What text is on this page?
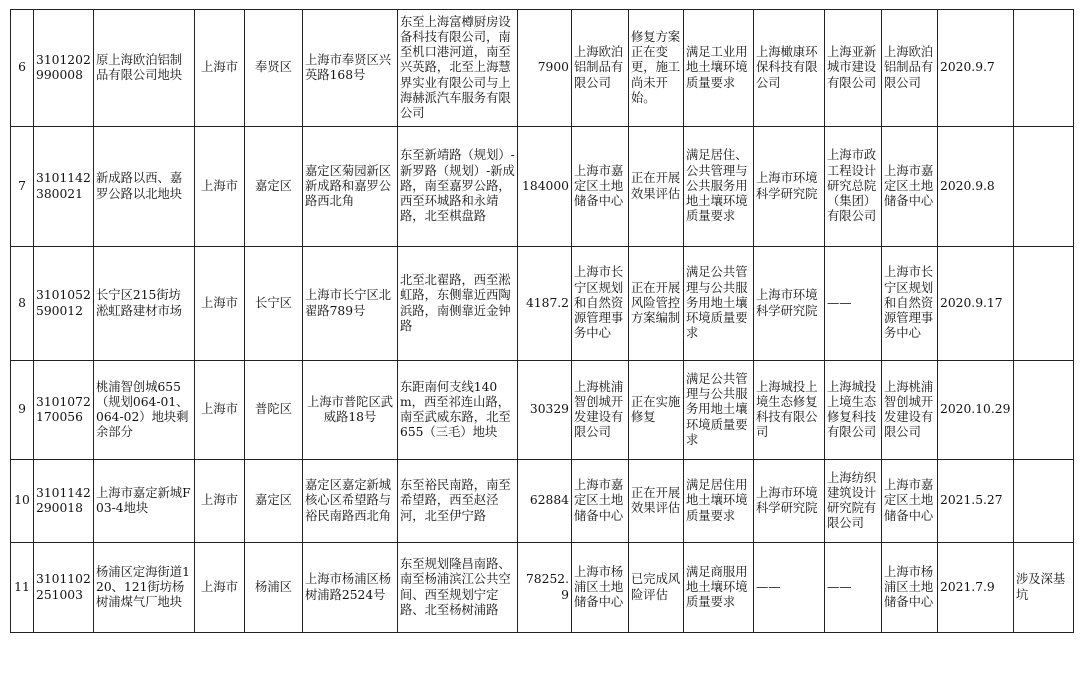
6	3101202990008	原上海欧泊铝制品有限公司地块	上海市	奉贤区	上海市奉贤区兴英路168号	东至上海富樽厨房设备科技有限公司，南至机口港河道，南至兴英路，北至上海慧界实业有限公司与上海赫派汽车服务有限公司	7900	上海欧泊铝制品有限公司	修复方案正在变更，施工尚未开始。	满足工业用地土壤环境质量要求	上海橄康环保科技有限公司	上海亚新城市建设有限公司	上海欧泊铝制品有限公司	2020.9.7	
7	3101142380021	新成路以西、嘉罗公路以北地块	上海市	嘉定区	嘉定区菊园新区新成路和嘉罗公路西北角	东至新靖路（规划）-新罗路（规划）-新成路，南至嘉罗公路，西至环城路和永靖路，北至棋盘路	184000	上海市嘉定区土地储备中心	正在开展效果评估	满足居住、公共管理与公共服务用地土壤环境质量要求	上海市环境科学研究院	上海市政工程设计研究总院（集团）有限公司	上海市嘉定区土地储备中心	2020.9.8	
8	3101052590012	长宁区215街坊淞虹路建材市场	上海市	长宁区	上海市长宁区北翟路789号	北至北翟路，西至淞虹路，东侧靠近西陶浜路，南侧靠近金钟路	4187.2	上海市长宁区规划和自然资源管理事务中心	正在开展风险管控方案编制	满足公共管理与公共服务用地土壤环境质量要求	上海市环境科学研究院	——	上海市长宁区规划和自然资源管理事务中心	2020.9.17	
9	3101072170056	桃浦智创城655（规划064-01、064-02）地块剩余部分	上海市	普陀区	上海市普陀区武威路18号	东距南何支线140m，西至祁连山路，南至武威东路，北至655（三毛）地块	30329	上海桃浦智创城开发建设有限公司	正在实施修复	满足公共管理与公共服务用地土壤环境质量要求	上海城投上境生态修复科技有限公司	上海城投上境生态修复科技有限公司	上海桃浦智创城开发建设有限公司	2020.10.29	
10	3101142290018	上海市嘉定新城F03-4地块	上海市	嘉定区	嘉定区嘉定新城核心区希望路与裕民南路西北角	东至裕民南路，南至希望路，西至赵泾河，北至伊宁路	62884	上海市嘉定区土地储备中心	正在开展效果评估	满足居住用地土壤环境质量要求	上海市环境科学研究院	上海纺织建筑设计研究院有限公司	上海市嘉定区土地储备中心	2021.5.27	
11	3101102251003	杨浦区定海街道120、121街坊杨树浦煤气厂地块	上海市	杨浦区	上海市杨浦区杨树浦路2524号	东至规划隆昌南路、南至杨浦滨江公共空间、西至规划宁定路、北至杨树浦路	78252.9	上海市杨浦区土地储备中心	已完成风险评估	满足商服用地土壤环境质量要求	——	——	上海市杨浦区土地储备中心	2021.7.9	涉及深基坑
